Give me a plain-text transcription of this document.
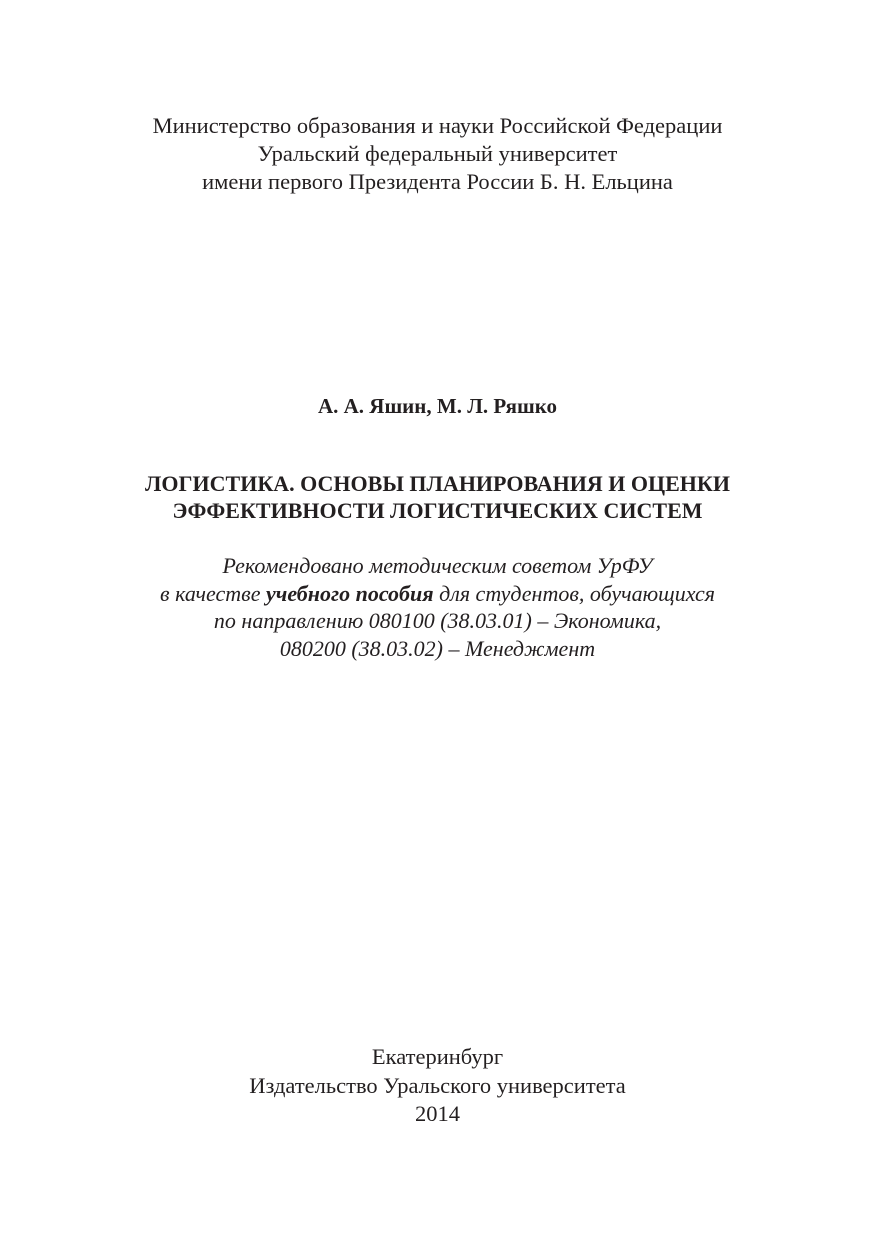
Министерство образования и науки Российской Федерации
Уральский федеральный университет
имени первого Президента России Б. Н. Ельцина
А. А. Яшин, М. Л. Ряшко
ЛОГИСТИКА. ОСНОВЫ ПЛАНИРОВАНИЯ И ОЦЕНКИ
ЭФФЕКТИВНОСТИ ЛОГИСТИЧЕСКИХ СИСТЕМ
Рекомендовано методическим советом УрФУ
в качестве учебного пособия для студентов, обучающихся
по направлению 080100 (38.03.01) – Экономика,
080200 (38.03.02) – Менеджмент
Екатеринбург
Издательство Уральского университета
2014
